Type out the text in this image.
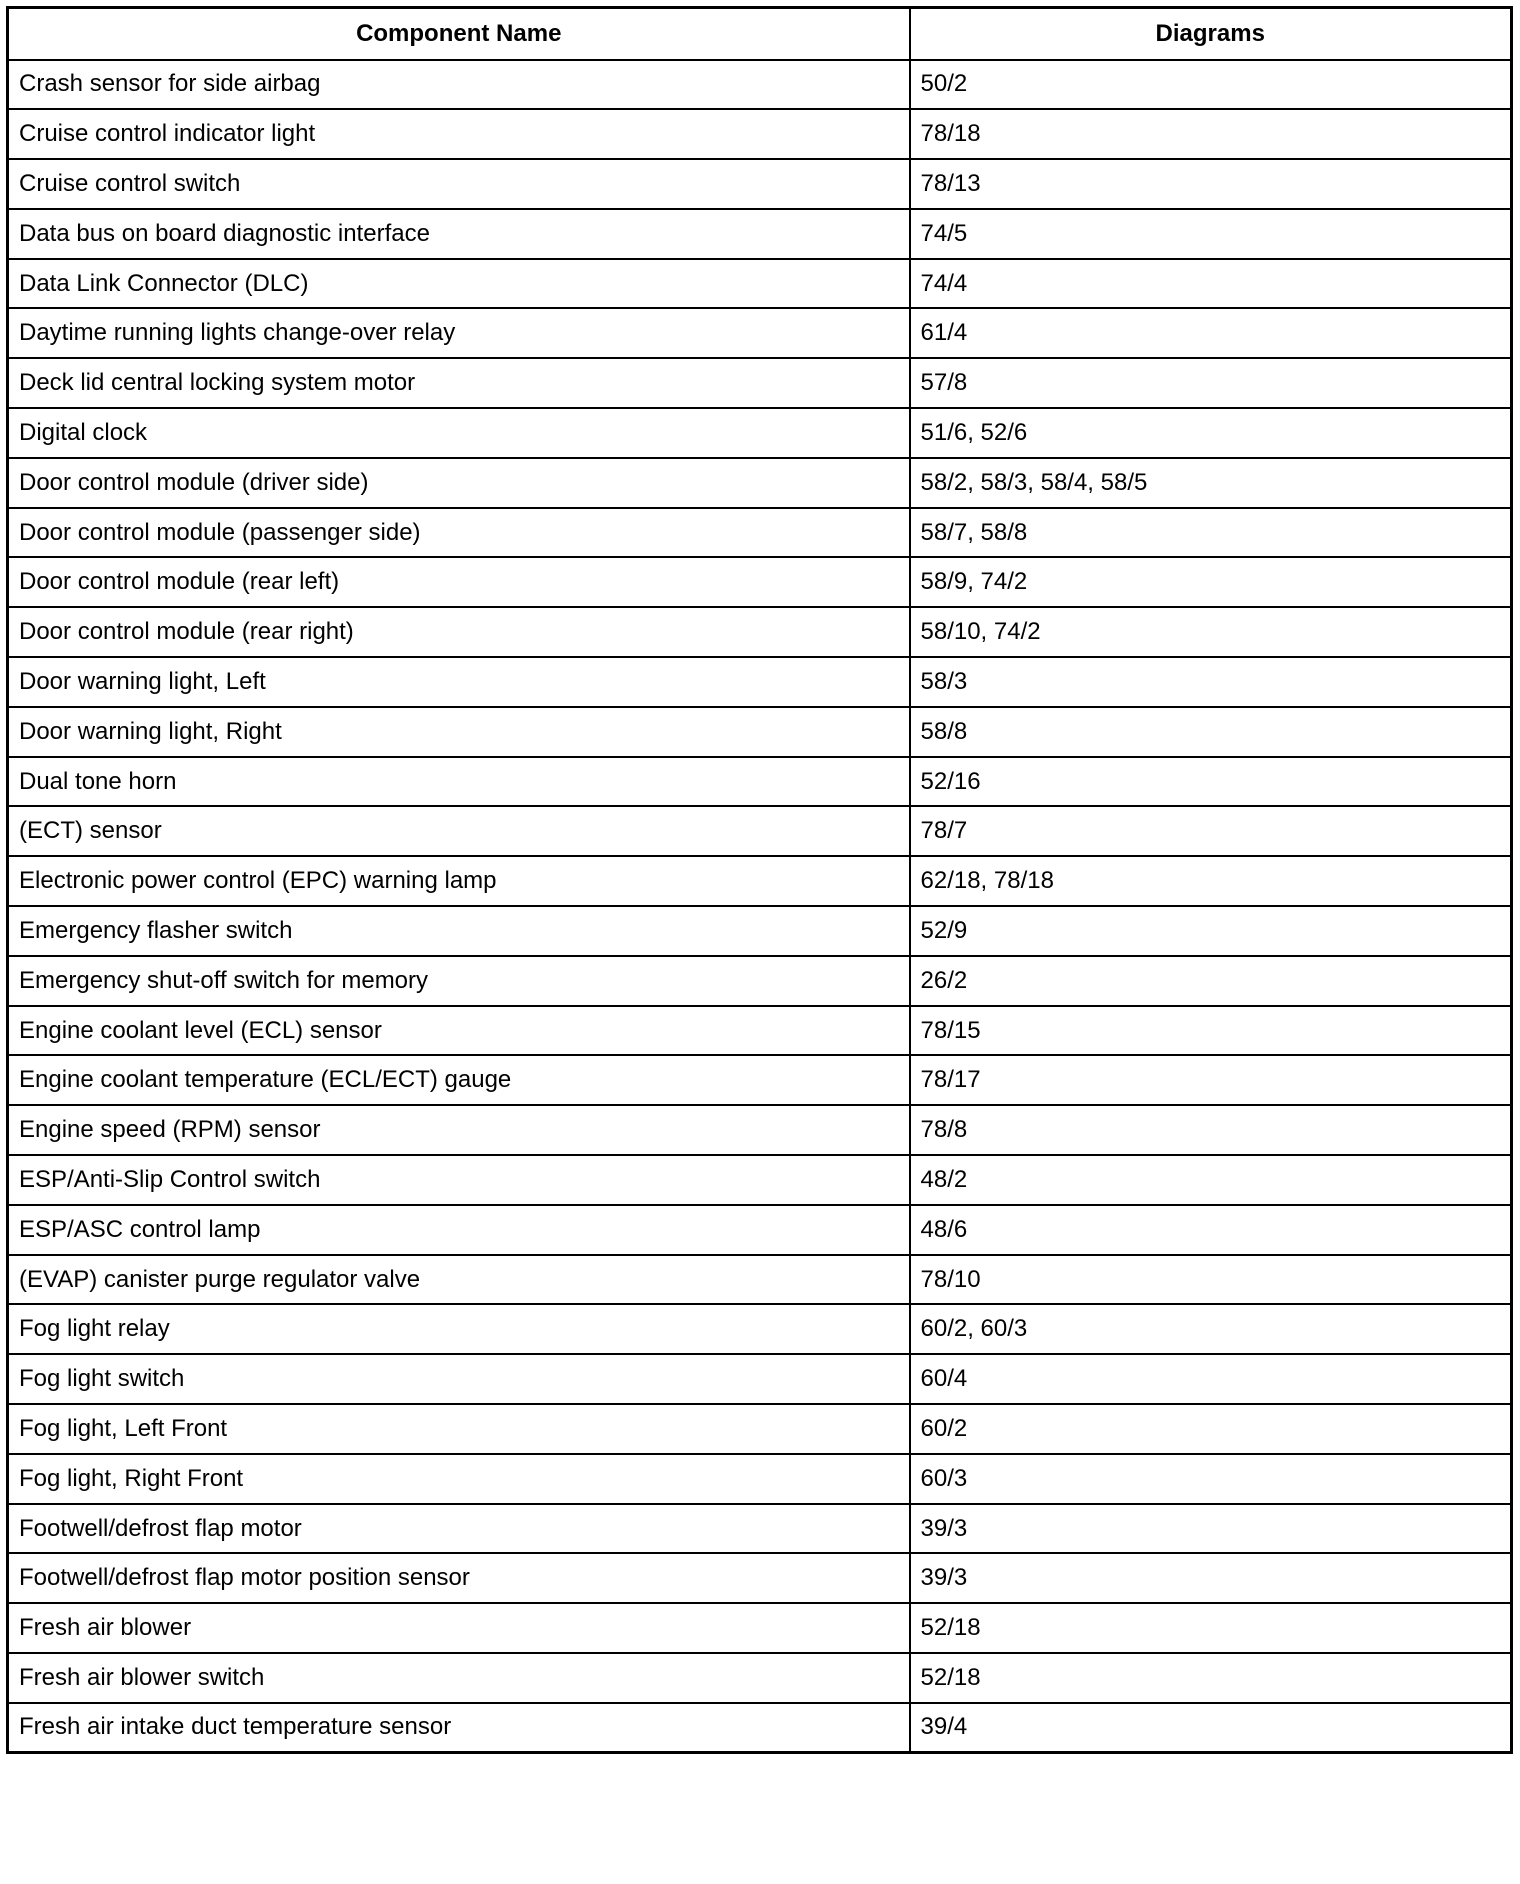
Component Name	Diagrams
Crash sensor for side airbag	50/2
Cruise control indicator light	78/18
Cruise control switch	78/13
Data bus on board diagnostic interface	74/5
Data Link Connector (DLC)	74/4
Daytime running lights change-over relay	61/4
Deck lid central locking system motor	57/8
Digital clock	51/6, 52/6
Door control module (driver side)	58/2, 58/3, 58/4, 58/5
Door control module (passenger side)	58/7, 58/8
Door control module (rear left)	58/9, 74/2
Door control module (rear right)	58/10, 74/2
Door warning light, Left	58/3
Door warning light, Right	58/8
Dual tone horn	52/16
(ECT) sensor	78/7
Electronic power control (EPC) warning lamp	62/18, 78/18
Emergency flasher switch	52/9
Emergency shut-off switch for memory	26/2
Engine coolant level (ECL) sensor	78/15
Engine coolant temperature (ECL/ECT) gauge	78/17
Engine speed (RPM) sensor	78/8
ESP/Anti-Slip Control switch	48/2
ESP/ASC control lamp	48/6
(EVAP) canister purge regulator valve	78/10
Fog light relay	60/2, 60/3
Fog light switch	60/4
Fog light, Left Front	60/2
Fog light, Right Front	60/3
Footwell/defrost flap motor	39/3
Footwell/defrost flap motor position sensor	39/3
Fresh air blower	52/18
Fresh air blower switch	52/18
Fresh air intake duct temperature sensor	39/4
